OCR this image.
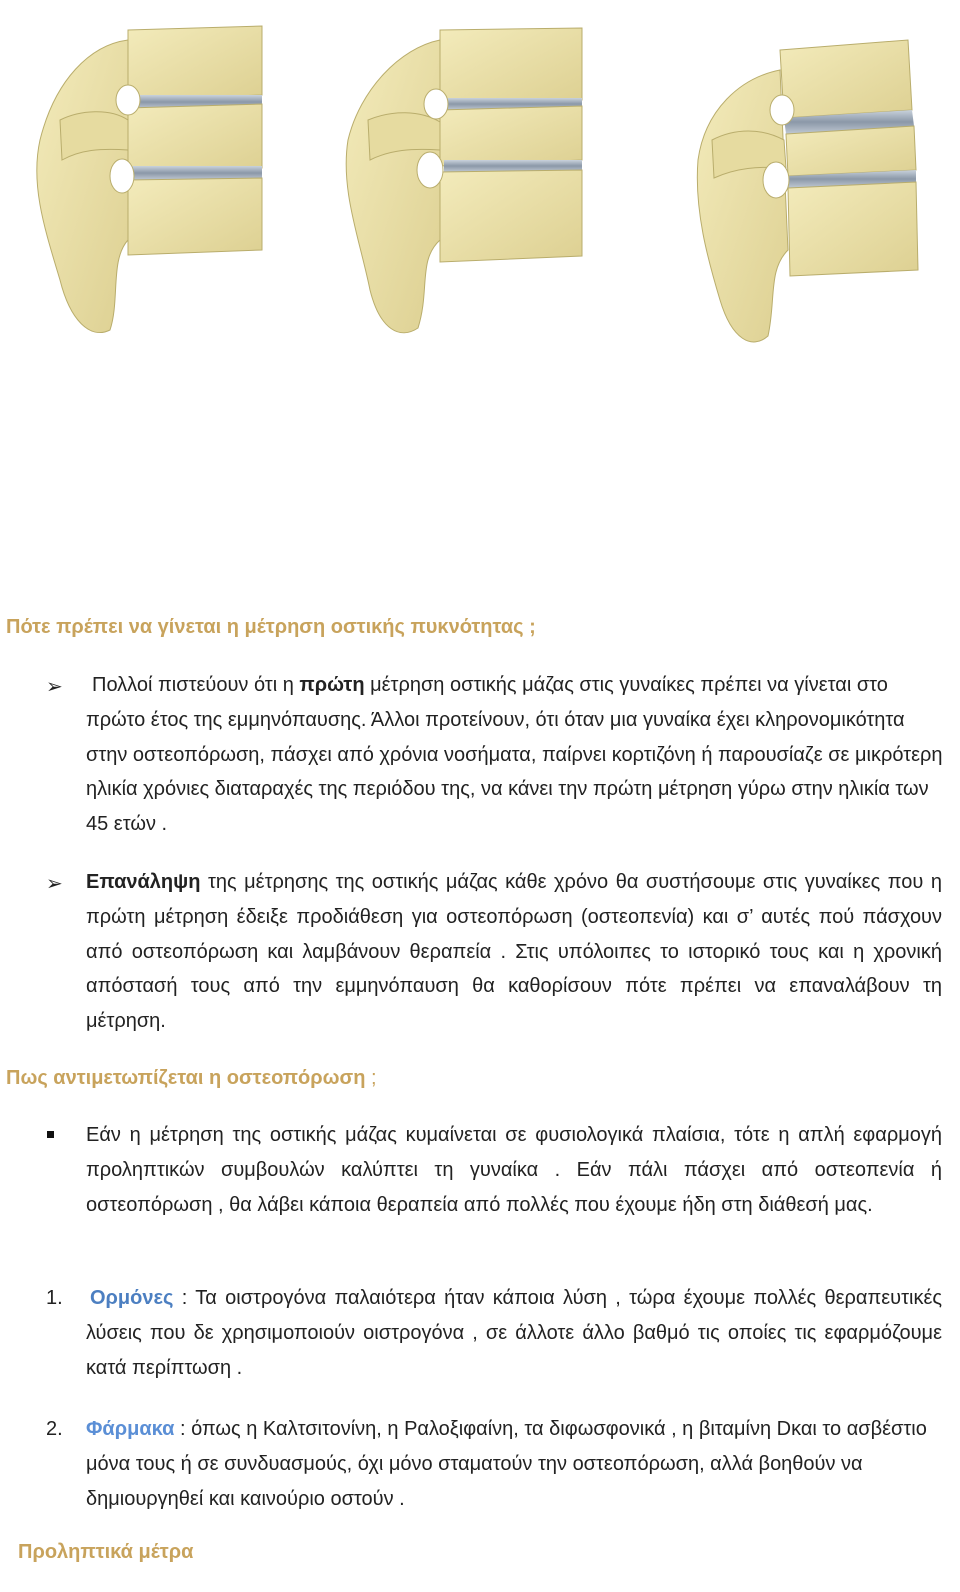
Πότε πρέπει να γίνεται η μέτρηση οστικής πυκνότητας ;
➢	Πολλοί πιστεύουν ότι η πρώτη μέτρηση οστικής μάζας στις γυναίκες πρέπει να γίνεται στο πρώτο έτος της εμμηνόπαυσης. Άλλοι προτείνουν, ότι όταν μια γυναίκα έχει κληρονομικότητα στην οστεοπόρωση, πάσχει από χρόνια νοσήματα, παίρνει κορτιζόνη ή παρουσίαζε σε μικρότερη ηλικία χρόνιες διαταραχές της περιόδου της, να κάνει την πρώτη μέτρηση γύρω στην ηλικία των 45 ετών .
➢ Επανάληψη της μέτρησης της οστικής μάζας κάθε χρόνο θα συστήσουμε στις γυναίκες που η πρώτη μέτρηση έδειξε προδιάθεση για οστεοπόρωση (οστεοπενία) και σ’ αυτές πού πάσχουν από οστεοπόρωση και λαμβάνουν θεραπεία . Στις υπόλοιπες το ιστορικό τους και η χρονική απόστασή τους από την εμμηνόπαυση θα καθορίσουν πότε πρέπει να επαναλάβουν τη μέτρηση.
Πως αντιμετωπίζεται η οστεοπόρωση ;
Εάν η μέτρηση της οστικής μάζας κυμαίνεται σε φυσιολογικά πλαίσια, τότε η απλή εφαρμογή προληπτικών συμβουλών καλύπτει τη γυναίκα . Εάν πάλι πάσχει από οστεοπενία ή οστεοπόρωση , θα λάβει κάποια θεραπεία από πολλές που έχουμε ήδη στη διάθεσή μας.
1. Ορμόνες : Τα οιστρογόνα παλαιότερα ήταν κάποια λύση , τώρα έχουμε πολλές θεραπευτικές λύσεις που δε χρησιμοποιούν οιστρογόνα , σε άλλοτε άλλο βαθμό τις οποίες τις εφαρμόζουμε κατά περίπτωση .
2. Φάρμακα : όπως η Καλτσιτονίνη, η Ραλοξιφαίνη, τα διφωσφονικά , η βιταμίνη Dκαι το ασβέστιο μόνα τους ή σε συνδυασμούς, όχι μόνο σταματούν την οστεοπόρωση, αλλά βοηθούν να δημιουργηθεί και καινούριο οστούν .
Προληπτικά μέτρα
